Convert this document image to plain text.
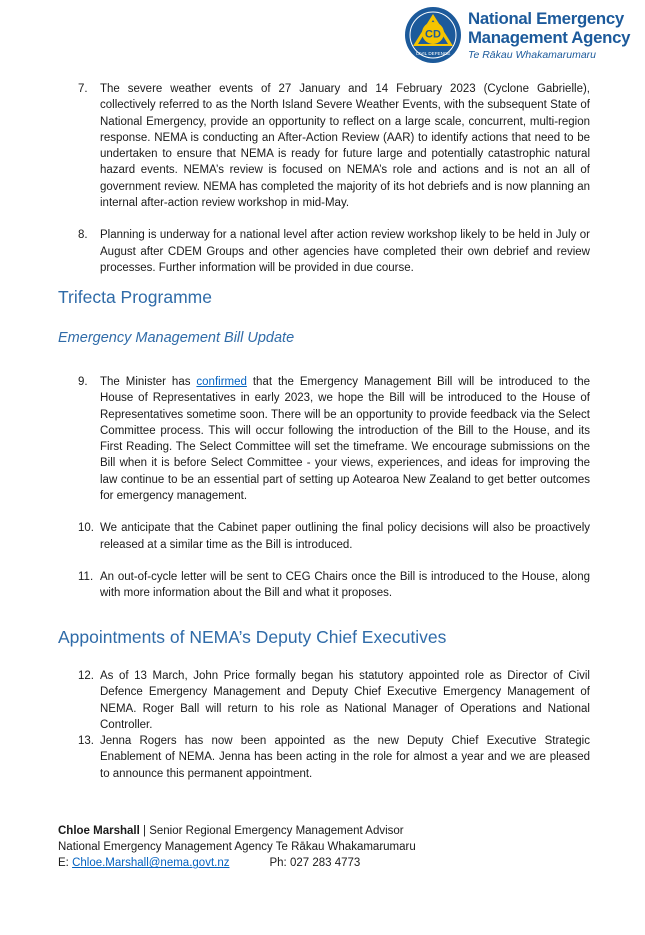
CD
CIVIL DEFENCE
National Emergency
Management Agency
Te Rākau Whakamarumaru
7. The severe weather events of 27 January and 14 February 2023 (Cyclone Gabrielle), collectively referred to as the North Island Severe Weather Events, with the subsequent State of National Emergency, provide an opportunity to reflect on a large scale, concurrent, multi-region response. NEMA is conducting an After-Action Review (AAR) to identify actions that need to be undertaken to ensure that NEMA is ready for future large and potentially catastrophic natural hazard events. NEMA’s review is focused on NEMA’s role and actions and is not an all of government review. NEMA has completed the majority of its hot debriefs and is now planning an internal after-action review workshop in mid-May.
8. Planning is underway for a national level after action review workshop likely to be held in July or August after CDEM Groups and other agencies have completed their own debrief and review processes. Further information will be provided in due course.
Trifecta Programme
Emergency Management Bill Update
9. The Minister has confirmed that the Emergency Management Bill will be introduced to the House of Representatives in early 2023, we hope the Bill will be introduced to the House of Representatives sometime soon. There will be an opportunity to provide feedback via the Select Committee process. This will occur following the introduction of the Bill to the House, and its First Reading. The Select Committee will set the timeframe. We encourage submissions on the Bill when it is before Select Committee - your views, experiences, and ideas for improving the law continue to be an essential part of setting up Aotearoa New Zealand to get better outcomes for emergency management.
10. We anticipate that the Cabinet paper outlining the final policy decisions will also be proactively released at a similar time as the Bill is introduced.
11. An out-of-cycle letter will be sent to CEG Chairs once the Bill is introduced to the House, along with more information about the Bill and what it proposes.
Appointments of NEMA’s Deputy Chief Executives
12. As of 13 March, John Price formally began his statutory appointed role as Director of Civil Defence Emergency Management and Deputy Chief Executive Emergency Management of NEMA. Roger Ball will return to his role as National Manager of Operations and National Controller.
13. Jenna Rogers has now been appointed as the new Deputy Chief Executive Strategic Enablement of NEMA. Jenna has been acting in the role for almost a year and we are pleased to announce this permanent appointment.
Chloe Marshall | Senior Regional Emergency Management Advisor
National Emergency Management Agency Te Rākau Whakamarumaru
E: Chloe.Marshall@nema.govt.nz	Ph: 027 283 4773
